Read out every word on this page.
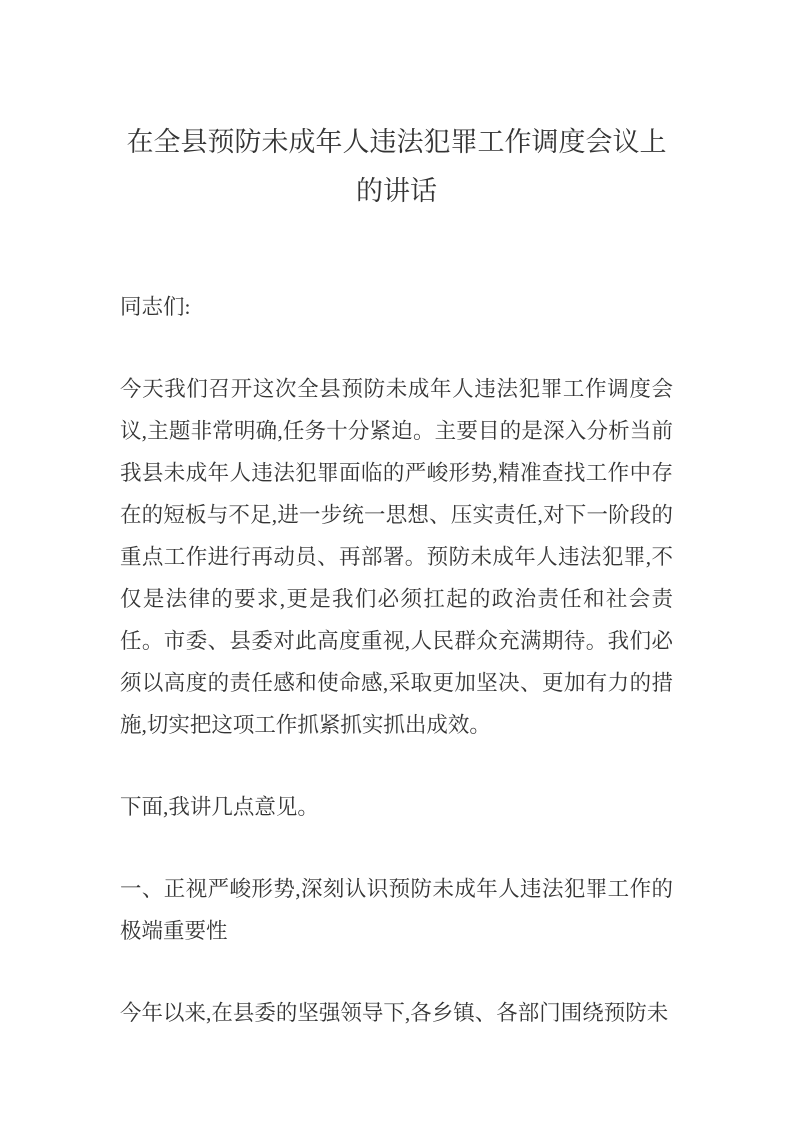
在全县预防未成年人违法犯罪工作调度会议上的讲话

同志们:

今天我们召开这次全县预防未成年人违法犯罪工作调度会议,主题非常明确,任务十分紧迫。主要目的是深入分析当前我县未成年人违法犯罪面临的严峻形势,精准查找工作中存在的短板与不足,进一步统一思想、压实责任,对下一阶段的重点工作进行再动员、再部署。预防未成年人违法犯罪,不仅是法律的要求,更是我们必须扛起的政治责任和社会责任。市委、县委对此高度重视,人民群众充满期待。我们必须以高度的责任感和使命感,采取更加坚决、更加有力的措施,切实把这项工作抓紧抓实抓出成效。

下面,我讲几点意见。

一、正视严峻形势,深刻认识预防未成年人违法犯罪工作的极端重要性

今年以来,在县委的坚强领导下,各乡镇、各部门围绕预防未
